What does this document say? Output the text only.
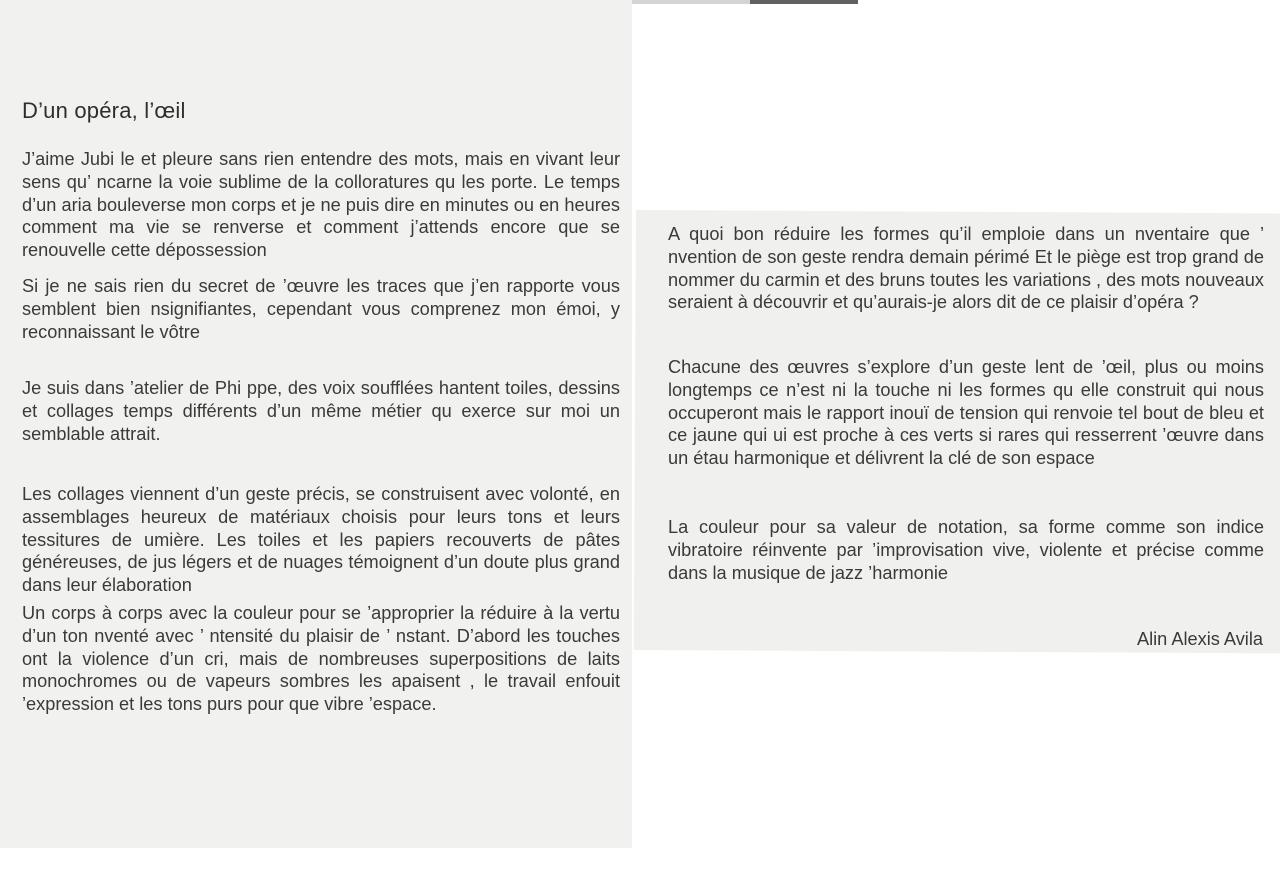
D’un opéra, l’œil

J’aime Jubi le et pleure sans rien entendre des mots, mais en vivant leur sens qu’ ncarne la voie sublime de la colloratures qu les porte. Le temps d’un aria bouleverse mon corps et je ne puis dire en minutes ou en heures comment ma vie se renverse et comment j’attends encore que se renouvelle cette dépossession

Si je ne sais rien du secret de ’œuvre les traces que j’en rapporte vous semblent bien nsignifiantes, cependant vous comprenez mon émoi, y reconnaissant le vôtre

Je suis dans ’atelier de Phi ppe, des voix soufflées hantent toiles, dessins et collages temps différents d’un même métier qu exerce sur moi un semblable attrait.

Les collages viennent d’un geste précis, se construisent avec volonté, en assemblages heureux de matériaux choisis pour leurs tons et leurs tessitures de umière. Les toiles et les papiers recouverts de pâtes généreuses, de jus légers et de nuages témoignent d’un doute plus grand dans leur élaboration

Un corps à corps avec la couleur pour se ’approprier la réduire à la vertu d’un ton nventé avec ’ ntensité du plaisir de ’ nstant. D’abord les touches ont la violence d’un cri, mais de nombreuses superpositions de laits monochromes ou de vapeurs sombres les apaisent , le travail enfouit ’expression et les tons purs pour que vibre ’espace.

A quoi bon réduire les formes qu’il emploie dans un nventaire que ’ nvention de son geste rendra demain périmé Et le piège est trop grand de nommer du carmin et des bruns toutes les variations , des mots nouveaux seraient à découvrir et qu’aurais-je alors dit de ce plaisir d’opéra ?

Chacune des œuvres s’explore d’un geste lent de ’œil, plus ou moins longtemps ce n’est ni la touche ni les formes qu elle construit qui nous occuperont mais le rapport inouï de tension qui renvoie tel bout de bleu et ce jaune qui ui est proche à ces verts si rares qui resserrent ’œuvre dans un étau harmonique et délivrent la clé de son espace

La couleur pour sa valeur de notation, sa forme comme son indice vibratoire réinvente par ’improvisation vive, violente et précise comme dans la musique de jazz ’harmonie

Alin Alexis Avila
